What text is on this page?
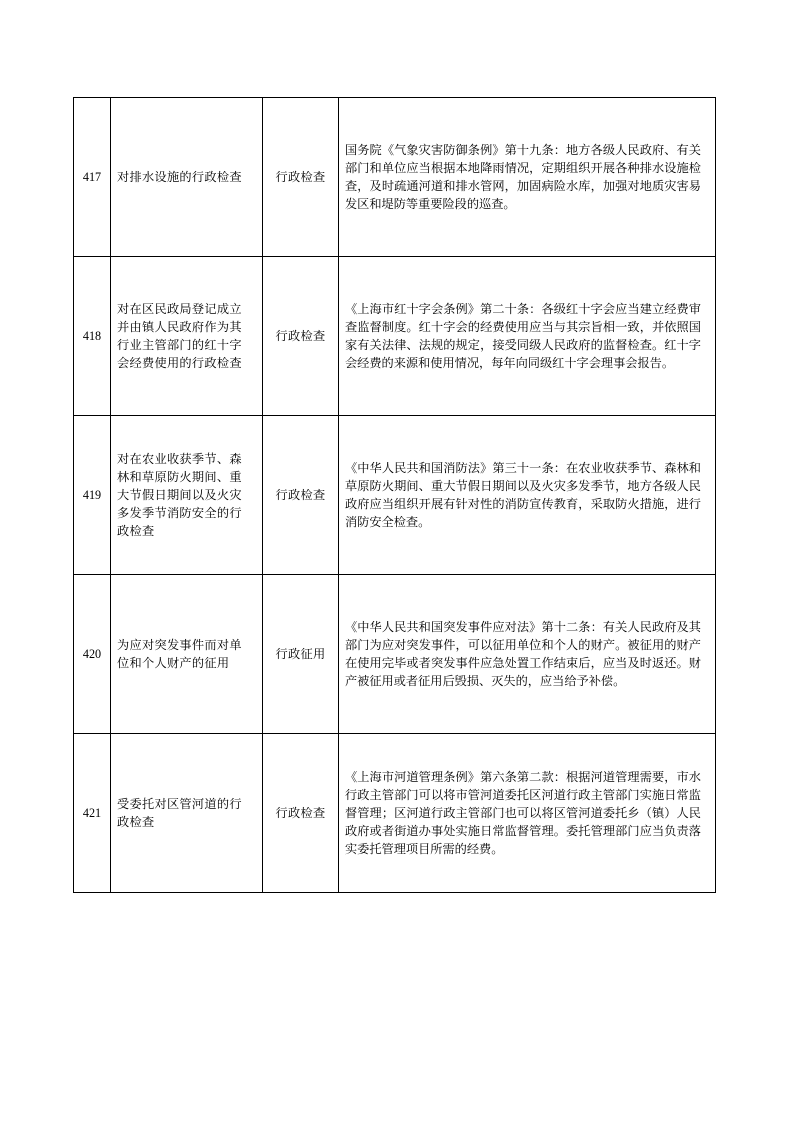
417	对排水设施的行政检查	行政检查	国务院《气象灾害防御条例》第十九条：地方各级人民政府、有关部门和单位应当根据本地降雨情况，定期组织开展各种排水设施检查，及时疏通河道和排水管网，加固病险水库，加强对地质灾害易发区和堤防等重要险段的巡查。
418	对在区民政局登记成立并由镇人民政府作为其行业主管部门的红十字会经费使用的行政检查	行政检查	《上海市红十字会条例》第二十条：各级红十字会应当建立经费审查监督制度。红十字会的经费使用应当与其宗旨相一致，并依照国家有关法律、法规的规定，接受同级人民政府的监督检查。红十字会经费的来源和使用情况，每年向同级红十字会理事会报告。
419	对在农业收获季节、森林和草原防火期间、重大节假日期间以及火灾多发季节消防安全的行政检查	行政检查	《中华人民共和国消防法》第三十一条：在农业收获季节、森林和草原防火期间、重大节假日期间以及火灾多发季节，地方各级人民政府应当组织开展有针对性的消防宣传教育，采取防火措施，进行消防安全检查。
420	为应对突发事件而对单位和个人财产的征用	行政征用	《中华人民共和国突发事件应对法》第十二条：有关人民政府及其部门为应对突发事件，可以征用单位和个人的财产。被征用的财产在使用完毕或者突发事件应急处置工作结束后，应当及时返还。财产被征用或者征用后毁损、灭失的，应当给予补偿。
421	受委托对区管河道的行政检查	行政检查	《上海市河道管理条例》第六条第二款：根据河道管理需要，市水行政主管部门可以将市管河道委托区河道行政主管部门实施日常监督管理；区河道行政主管部门也可以将区管河道委托乡（镇）人民政府或者街道办事处实施日常监督管理。委托管理部门应当负责落实委托管理项目所需的经费。
